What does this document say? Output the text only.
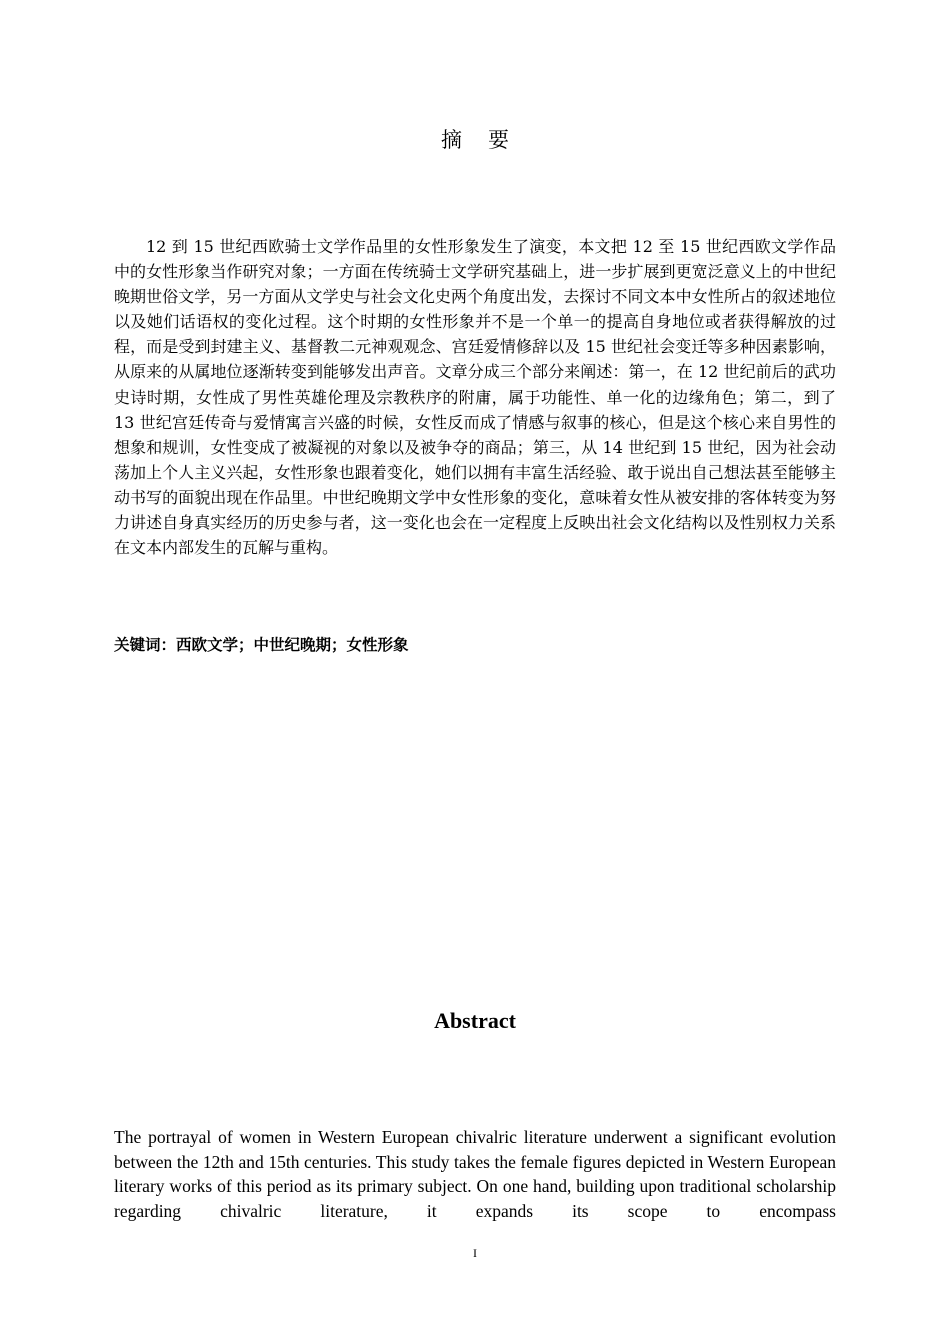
摘要

12 到 15 世纪西欧骑士文学作品里的女性形象发生了演变，本文把 12 至 15 世纪西欧文学作品中的女性形象当作研究对象；一方面在传统骑士文学研究基础上，进一步扩展到更宽泛意义上的中世纪晚期世俗文学，另一方面从文学史与社会文化史两个角度出发，去探讨不同文本中女性所占的叙述地位以及她们话语权的变化过程。这个时期的女性形象并不是一个单一的提高自身地位或者获得解放的过程，而是受到封建主义、基督教二元神观观念、宫廷爱情修辞以及 15 世纪社会变迁等多种因素影响，从原来的从属地位逐渐转变到能够发出声音。文章分成三个部分来阐述：第一，在 12 世纪前后的武功史诗时期，女性成了男性英雄伦理及宗教秩序的附庸，属于功能性、单一化的边缘角色；第二，到了 13 世纪宫廷传奇与爱情寓言兴盛的时候，女性反而成了情感与叙事的核心，但是这个核心来自男性的想象和规训，女性变成了被凝视的对象以及被争夺的商品；第三，从 14 世纪到 15 世纪，因为社会动荡加上个人主义兴起，女性形象也跟着变化，她们以拥有丰富生活经验、敢于说出自己想法甚至能够主动书写的面貌出现在作品里。中世纪晚期文学中女性形象的变化，意味着女性从被安排的客体转变为努力讲述自身真实经历的历史参与者，这一变化也会在一定程度上反映出社会文化结构以及性别权力关系在文本内部发生的瓦解与重构。

关键词：西欧文学；中世纪晚期；女性形象

Abstract

The portrayal of women in Western European chivalric literature underwent a significant evolution between the 12th and 15th centuries. This study takes the female figures depicted in Western European literary works of this period as its primary subject. On one hand, building upon traditional scholarship regarding chivalric literature, it expands its scope to encompass

I
